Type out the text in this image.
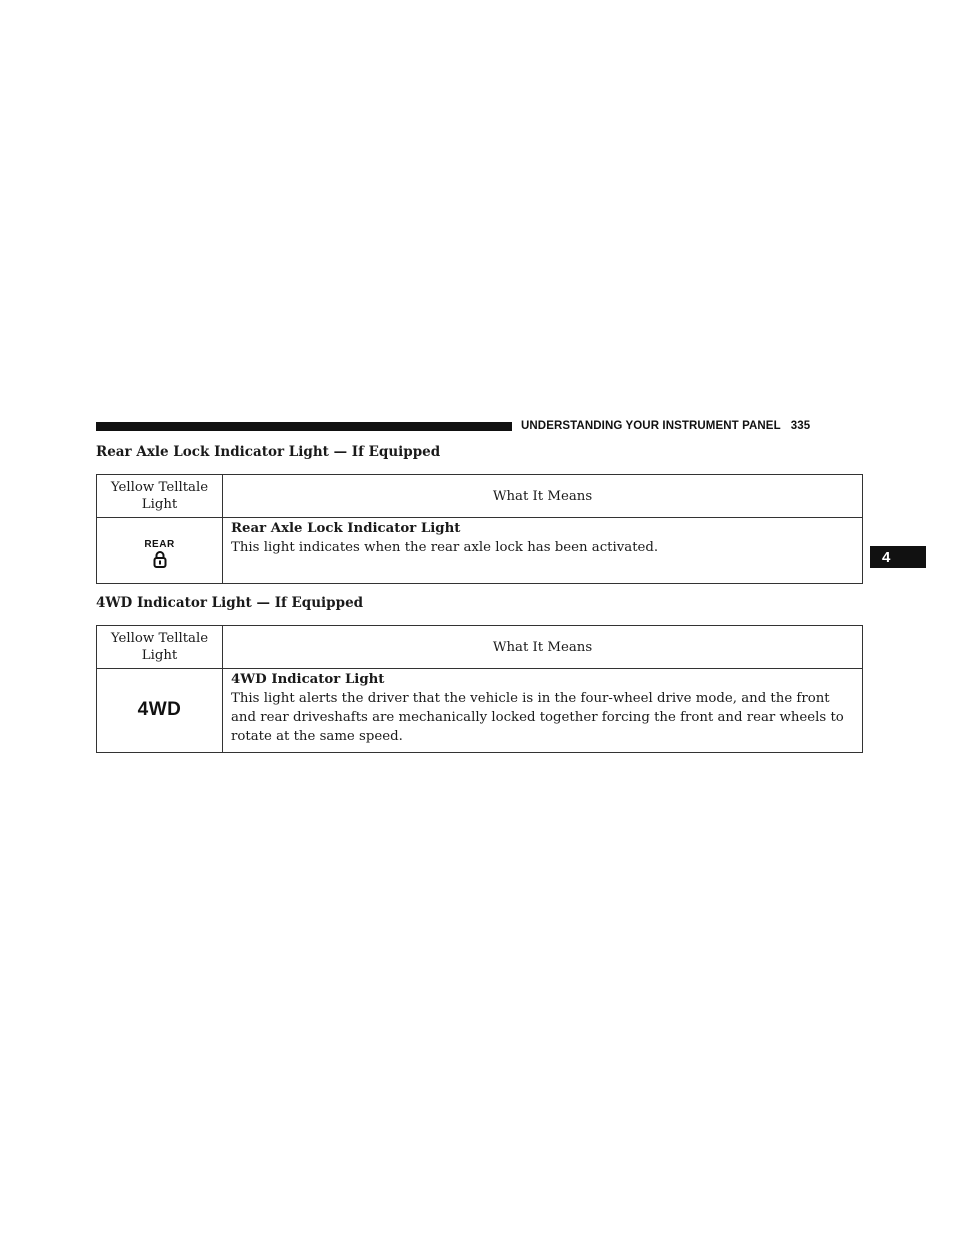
UNDERSTANDING YOUR INSTRUMENT PANEL 335
4
Rear Axle Lock Indicator Light — If Equipped
Yellow Telltale Light	What It Means

REAR	Rear Axle Lock Indicator Light
This light indicates when the rear axle lock has been activated.
4WD Indicator Light — If Equipped
Yellow Telltale Light	What It Means
4WD	4WD Indicator Light
This light alerts the driver that the vehicle is in the four-wheel drive mode, and the front and rear driveshafts are mechanically locked together forcing the front and rear wheels to rotate at the same speed.
